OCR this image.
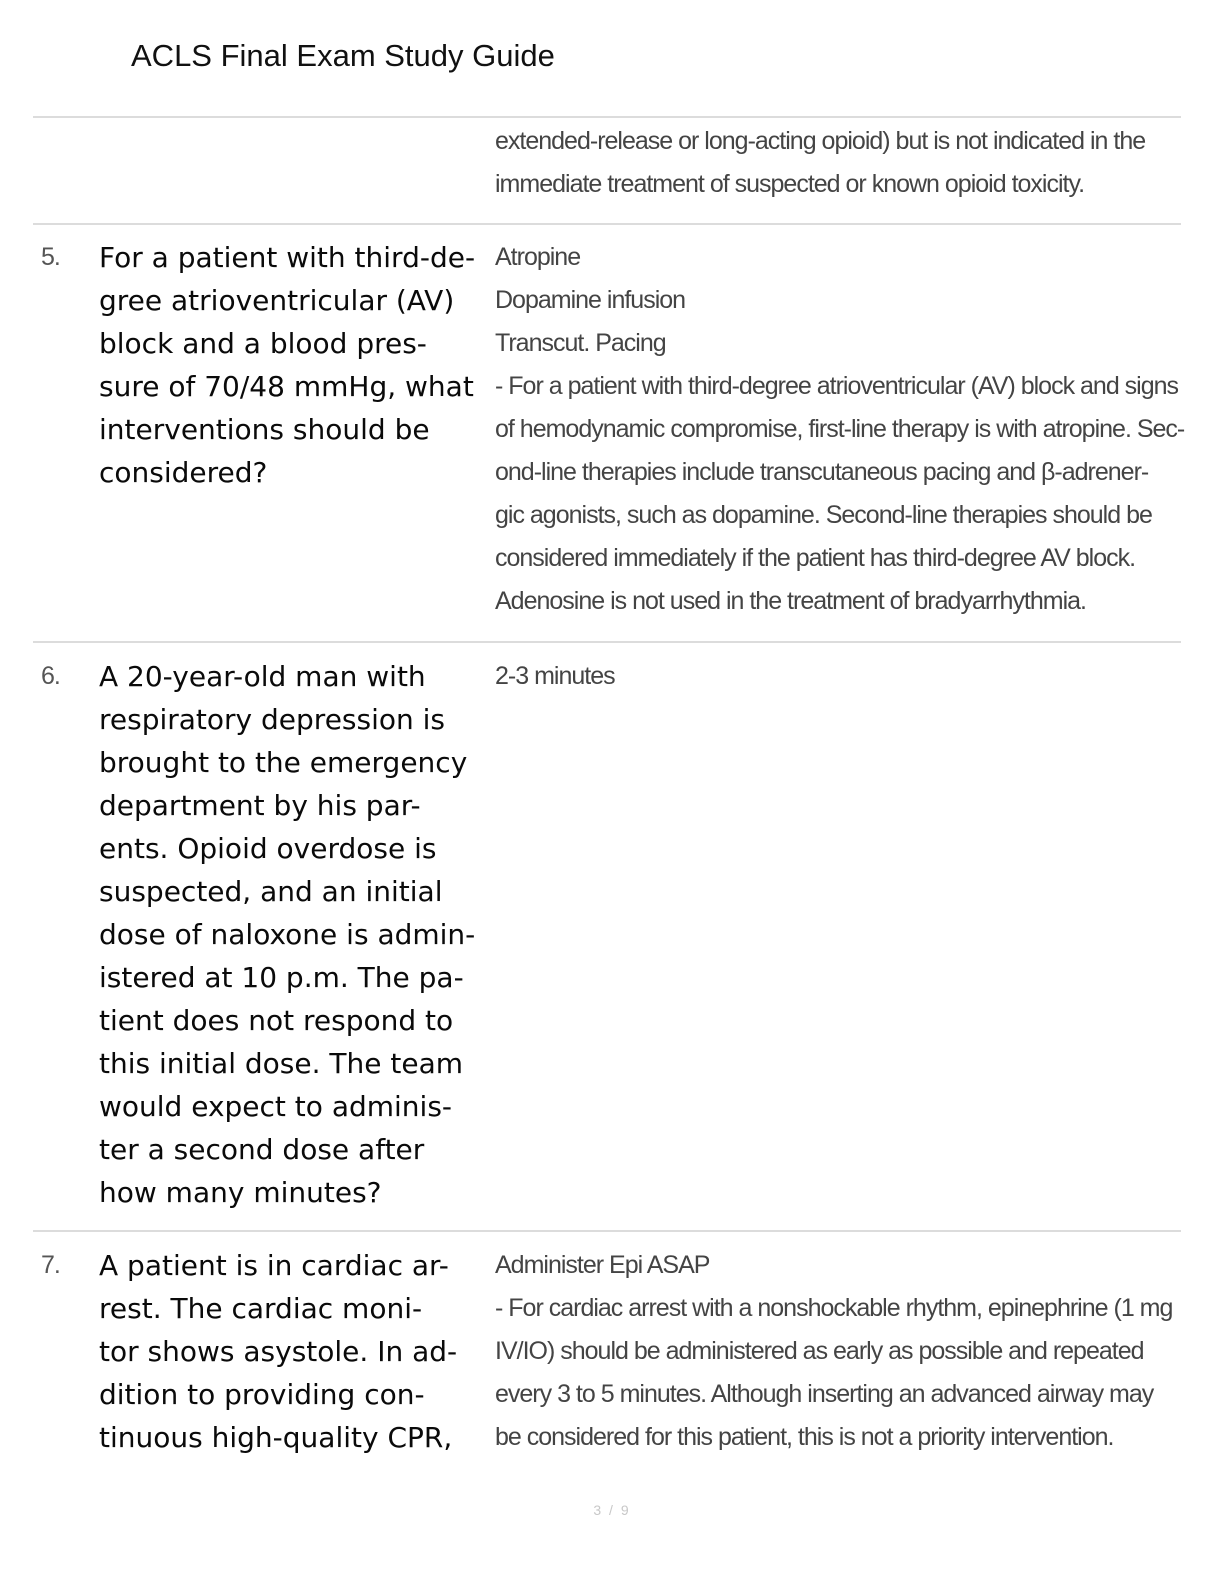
ACLS Final Exam Study Guide
extended-release or long-acting opioid) but is not indicated in the
immediate treatment of suspected or known opioid toxicity.
5. For a patient with third-de-
gree atrioventricular (AV)
block and a blood pres-
sure of 70/48 mmHg, what
interventions should be
considered?
Atropine
Dopamine infusion
Transcut. Pacing
- For a patient with third-degree atrioventricular (AV) block and signs
of hemodynamic compromise, first-line therapy is with atropine. Sec-
ond-line therapies include transcutaneous pacing and β-adrener-
gic agonists, such as dopamine. Second-line therapies should be
considered immediately if the patient has third-degree AV block.
Adenosine is not used in the treatment of bradyarrhythmia.
6. A 20-year-old man with
respiratory depression is
brought to the emergency
department by his par-
ents. Opioid overdose is
suspected, and an initial
dose of naloxone is admin-
istered at 10 p.m. The pa-
tient does not respond to
this initial dose. The team
would expect to adminis-
ter a second dose after
how many minutes?
2-3 minutes
7. A patient is in cardiac ar-
rest. The cardiac moni-
tor shows asystole. In ad-
dition to providing con-
tinuous high-quality CPR,
Administer Epi ASAP
- For cardiac arrest with a nonshockable rhythm, epinephrine (1 mg
IV/IO) should be administered as early as possible and repeated
every 3 to 5 minutes. Although inserting an advanced airway may
be considered for this patient, this is not a priority intervention.
3 / 9
